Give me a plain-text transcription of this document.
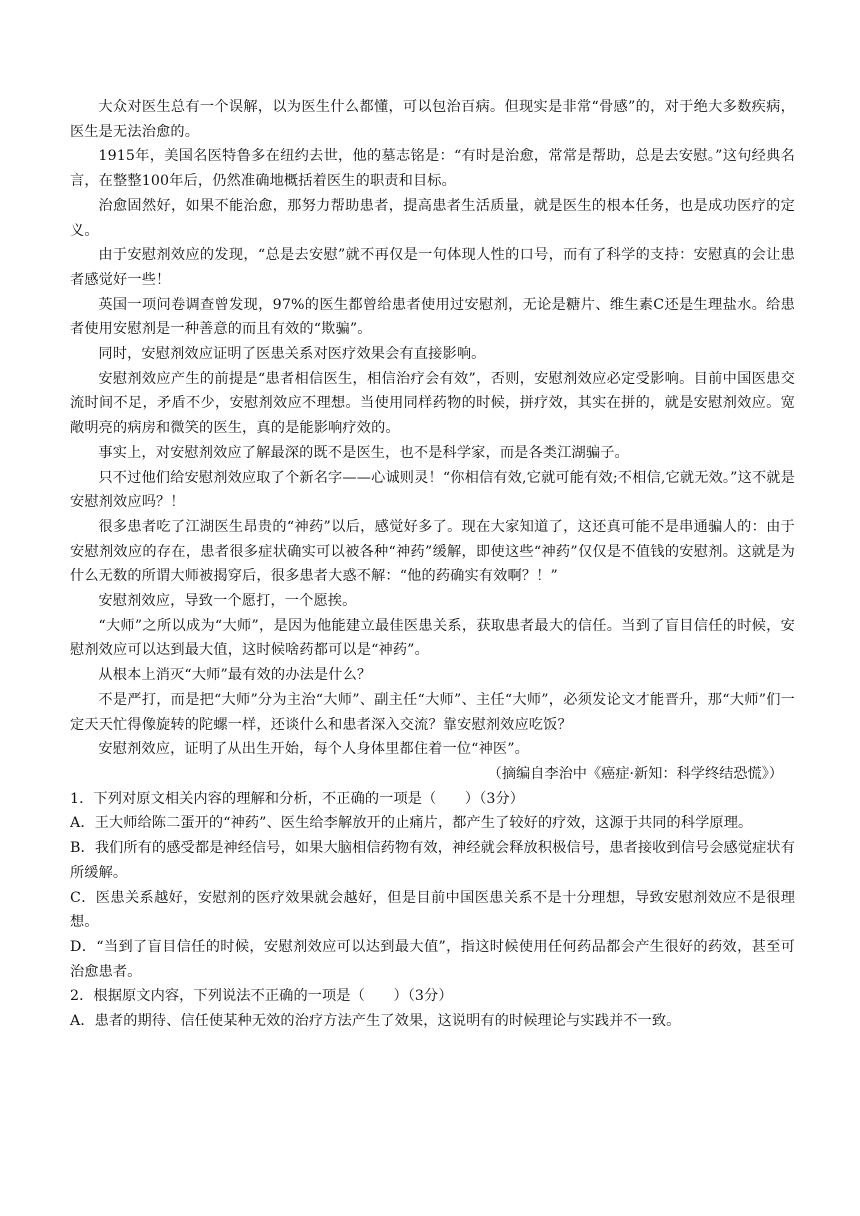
大众对医生总有一个误解，以为医生什么都懂，可以包治百病。但现实是非常“骨感”的，对于绝大多数疾病，医生是无法治愈的。

1915年，美国名医特鲁多在纽约去世，他的墓志铭是：“有时是治愈，常常是帮助，总是去安慰。”这句经典名言，在整整100年后，仍然准确地概括着医生的职责和目标。

治愈固然好，如果不能治愈，那努力帮助患者，提高患者生活质量，就是医生的根本任务，也是成功医疗的定义。

由于安慰剂效应的发现，“总是去安慰”就不再仅是一句体现人性的口号，而有了科学的支持：安慰真的会让患者感觉好一些！

英国一项问卷调查曾发现，97%的医生都曾给患者使用过安慰剂，无论是糖片、维生素C还是生理盐水。给患者使用安慰剂是一种善意的而且有效的“欺骗”。

同时，安慰剂效应证明了医患关系对医疗效果会有直接影响。

安慰剂效应产生的前提是“患者相信医生，相信治疗会有效”，否则，安慰剂效应必定受影响。目前中国医患交流时间不足，矛盾不少，安慰剂效应不理想。当使用同样药物的时候，拼疗效，其实在拼的，就是安慰剂效应。宽敞明亮的病房和微笑的医生，真的是能影响疗效的。

事实上，对安慰剂效应了解最深的既不是医生，也不是科学家，而是各类江湖骗子。

只不过他们给安慰剂效应取了个新名字——心诚则灵！“你相信有效,它就可能有效;不相信,它就无效。”这不就是安慰剂效应吗？！

很多患者吃了江湖医生昂贵的“神药”以后，感觉好多了。现在大家知道了，这还真可能不是串通骗人的：由于安慰剂效应的存在，患者很多症状确实可以被各种“神药”缓解，即使这些“神药”仅仅是不值钱的安慰剂。这就是为什么无数的所谓大师被揭穿后，很多患者大惑不解：“他的药确实有效啊？！”

安慰剂效应，导致一个愿打，一个愿挨。

“大师”之所以成为“大师”，是因为他能建立最佳医患关系，获取患者最大的信任。当到了盲目信任的时候，安慰剂效应可以达到最大值，这时候啥药都可以是“神药”。

从根本上消灭“大师”最有效的办法是什么？

不是严打，而是把“大师”分为主治“大师”、副主任“大师”、主任“大师”，必须发论文才能晋升，那“大师”们一定天天忙得像旋转的陀螺一样，还谈什么和患者深入交流？靠安慰剂效应吃饭？

安慰剂效应，证明了从出生开始，每个人身体里都住着一位“神医”。

（摘编自李治中《癌症·新知：科学终结恐慌》）

1．下列对原文相关内容的理解和分析，不正确的一项是（　　）（3分）

A．王大师给陈二蛋开的“神药”、医生给李解放开的止痛片，都产生了较好的疗效，这源于共同的科学原理。

B．我们所有的感受都是神经信号，如果大脑相信药物有效，神经就会释放积极信号，患者接收到信号会感觉症状有所缓解。

C．医患关系越好，安慰剂的医疗效果就会越好，但是目前中国医患关系不是十分理想，导致安慰剂效应不是很理想。

D．“当到了盲目信任的时候，安慰剂效应可以达到最大值”，指这时候使用任何药品都会产生很好的药效，甚至可治愈患者。

2．根据原文内容，下列说法不正确的一项是（　　）（3分）

A．患者的期待、信任使某种无效的治疗方法产生了效果，这说明有的时候理论与实践并不一致。
